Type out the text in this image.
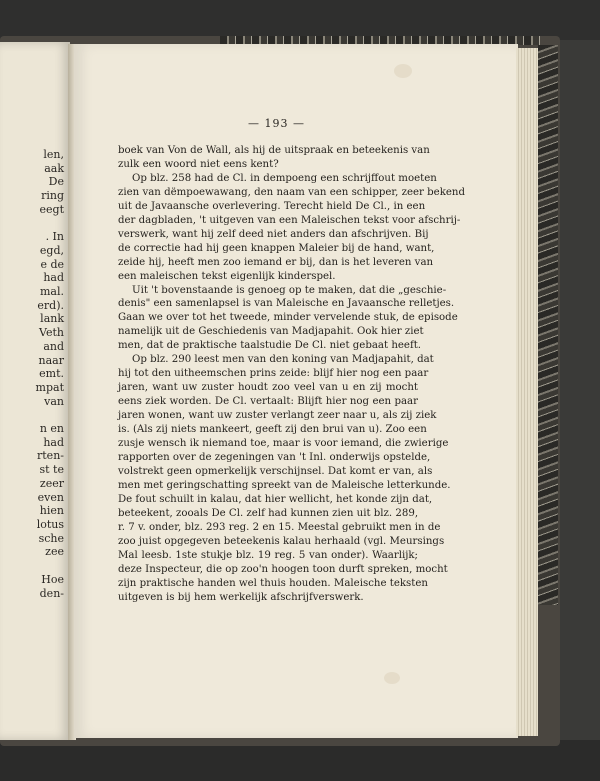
len,
aak
De
ring
eegt

. In
egd,
e de
had
mal.
erd).
lank
Veth
and
naar
emt.
mpat
van

n en
had
rten-
st te
zeer
even
hien
lotus
sche
zee

Hoe
den-
— 193 —
boek van Von de Wall, als hij de uitspraak en beteekenis van
zulk een woord niet eens kent?
Op blz. 258 had de Cl. in dempoeng een schrijffout moeten
zien van dëmpoewawang, den naam van een schipper, zeer bekend
uit de Javaansche overlevering. Terecht hield De Cl., in een
der dagbladen, 't uitgeven van een Maleischen tekst voor afschrij-
verswerk, want hij zelf deed niet anders dan afschrijven. Bij
de correctie had hij geen knappen Maleier bij de hand, want,
zeide hij, heeft men zoo iemand er bij, dan is het leveren van
een maleischen tekst eigenlijk kinderspel.
Uit 't bovenstaande is genoeg op te maken, dat die „geschie-
denis" een samenlapsel is van Maleische en Javaansche relletjes.
Gaan we over tot het tweede, minder vervelende stuk, de episode
namelijk uit de Geschiedenis van Madjapahit. Ook hier ziet
men, dat de praktische taalstudie De Cl. niet gebaat heeft.
Op blz. 290 leest men van den koning van Madjapahit, dat
hij tot den uitheemschen prins zeide: blijf hier nog een paar
jaren, want uw zuster houdt zoo veel van u en zij mocht
eens ziek worden. De Cl. vertaalt: Blijft hier nog een paar
jaren wonen, want uw zuster verlangt zeer naar u, als zij ziek
is. (Als zij niets mankeert, geeft zij den brui van u). Zoo een
zusje wensch ik niemand toe, maar is voor iemand, die zwierige
rapporten over de zegeningen van 't Inl. onderwijs opstelde,
volstrekt geen opmerkelijk verschijnsel. Dat komt er van, als
men met geringschatting spreekt van de Maleische letterkunde.
De fout schuilt in kalau, dat hier wellicht, het konde zijn dat,
beteekent, zooals De Cl. zelf had kunnen zien uit blz. 289,
r. 7 v. onder, blz. 293 reg. 2 en 15. Meestal gebruikt men in de
zoo juist opgegeven beteekenis kalau herhaald (vgl. Meursings
Mal leesb. 1ste stukje blz. 19 reg. 5 van onder). Waarlijk;
deze Inspecteur, die op zoo'n hoogen toon durft spreken, mocht
zijn praktische handen wel thuis houden. Maleische teksten
uitgeven is bij hem werkelijk afschrijfverswerk.
